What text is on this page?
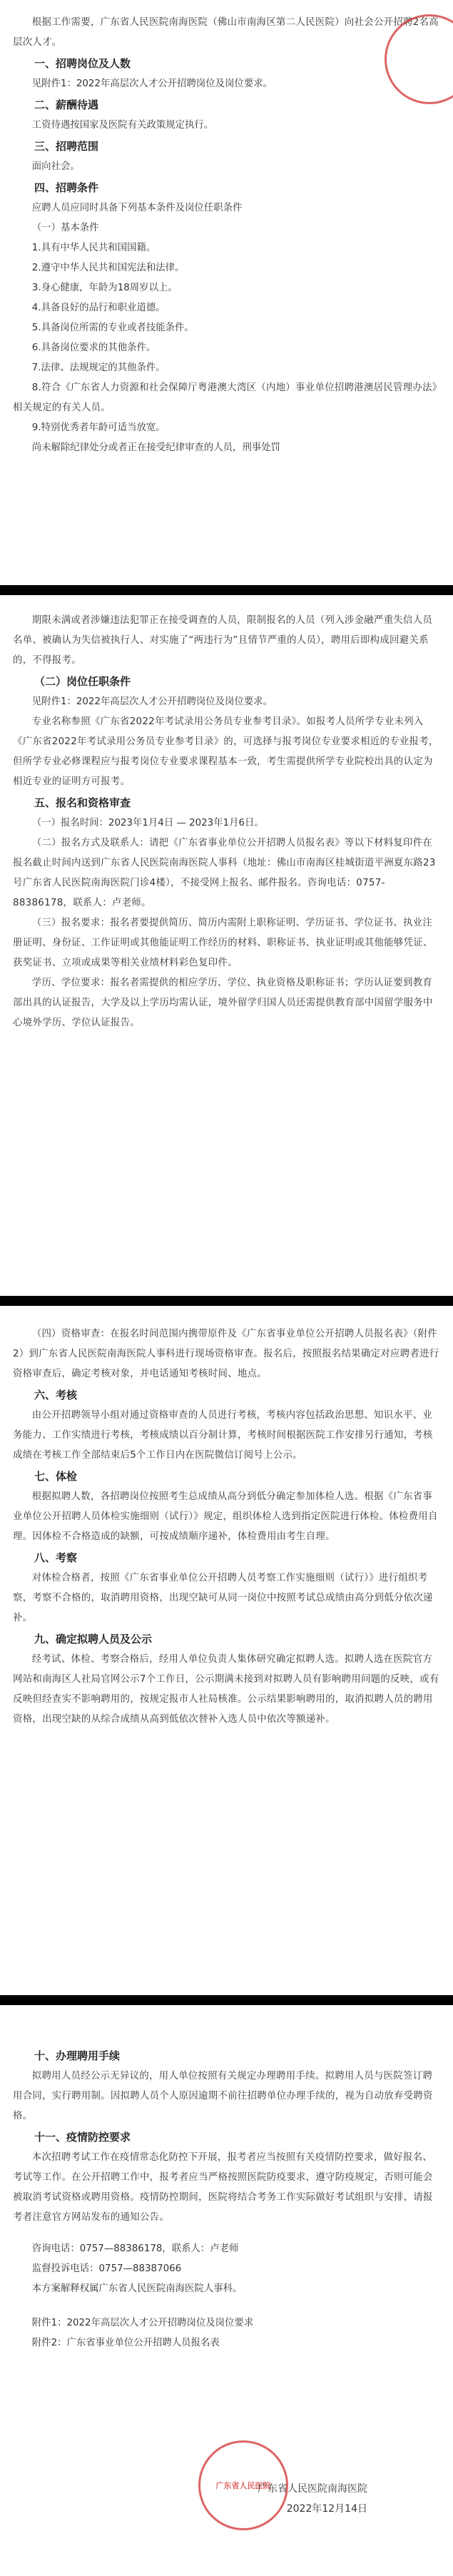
根据工作需要，广东省人民医院南海医院（佛山市南海区第二人民医院）向社会公开招聘2名高层次人才。

一、招聘岗位及人数

见附件1：2022年高层次人才公开招聘岗位及岗位要求。

二、薪酬待遇

工资待遇按国家及医院有关政策规定执行。

三、招聘范围

面向社会。

四、招聘条件

应聘人员应同时具备下列基本条件及岗位任职条件

（一）基本条件

1.具有中华人民共和国国籍。

2.遵守中华人民共和国宪法和法律。

3.身心健康，年龄为18周岁以上。

4.具备良好的品行和职业道德。

5.具备岗位所需的专业或者技能条件。

6.具备岗位要求的其他条件。

7.法律、法规规定的其他条件。

8.符合《广东省人力资源和社会保障厅粤港澳大湾区（内地）事业单位招聘港澳居民管理办法》相关规定的有关人员。

9.特别优秀者年龄可适当放宽。

尚未解除纪律处分或者正在接受纪律审查的人员，刑事处罚

期限未满或者涉嫌违法犯罪正在接受调查的人员，限制报名的人员（列入涉金融严重失信人员名单、被确认为失信被执行人、对实施了“两违行为”且情节严重的人员），聘用后即构成回避关系的，不得报考。

（二）岗位任职条件

见附件1：2022年高层次人才公开招聘岗位及岗位要求。

专业名称参照《广东省2022年考试录用公务员专业参考目录》。如报考人员所学专业未列入《广东省2022年考试录用公务员专业参考目录》的，可选择与报考岗位专业要求相近的专业报考，但所学专业必修课程应与报考岗位专业要求课程基本一致，考生需提供所学专业院校出具的认定为相近专业的证明方可报考。

五、报名和资格审查

（一）报名时间：2023年1月4日 — 2023年1月6日。

（二）报名方式及联系人：请把《广东省事业单位公开招聘人员报名表》等以下材料复印件在报名截止时间内送到广东省人民医院南海医院人事科（地址：佛山市南海区桂城街道平洲夏东路23号广东省人民医院南海医院门诊4楼），不接受网上报名、邮件报名。咨询电话：0757-88386178，联系人：卢老师。

（三）报名要求：报名者要提供简历、简历内需附上职称证明、学历证书、学位证书、执业注册证明、身份证、工作证明或其他能证明工作经历的材料、职称证书、执业证明或其他能够凭证、获奖证书、立项或成果等相关业绩材料彩色复印件。

学历、学位要求：报名者需提供的相应学历、学位、执业资格及职称证书；学历认证要到教育部出具的认证报告，大学及以上学历均需认证，境外留学归国人员还需提供教育部中国留学服务中心境外学历、学位认证报告。

（四）资格审查：在报名时间范围内携带原件及《广东省事业单位公开招聘人员报名表》（附件2）到广东省人民医院南海医院人事科进行现场资格审查。报名后，按照报名结果确定对应聘者进行资格审查后，确定考核对象，并电话通知考核时间、地点。

六、考核

由公开招聘领导小组对通过资格审查的人员进行考核，考核内容包括政治思想、知识水平、业务能力、工作实绩进行考核，考核成绩以百分制计算，考核时间根据医院工作安排另行通知，考核成绩在考核工作全部结束后5个工作日内在医院微信订阅号上公示。

七、体检

根据拟聘人数，各招聘岗位按照考生总成绩从高分到低分确定参加体检人选。根据《广东省事业单位公开招聘人员体检实施细则（试行）》规定，组织体检人选到指定医院进行体检。体检费用自理。因体检不合格造成的缺额，可按成绩顺序递补，体检费用由考生自理。

八、考察

对体检合格者，按照《广东省事业单位公开招聘人员考察工作实施细则（试行）》进行组织考察，考察不合格的，取消聘用资格，出现空缺可从同一岗位中按照考试总成绩由高分到低分依次递补。

九、确定拟聘人员及公示

经考试、体检、考察合格后，经用人单位负责人集体研究确定拟聘人选。拟聘人选在医院官方网站和南海区人社局官网公示7个工作日，公示期满未接到对拟聘人员有影响聘用问题的反映，或有反映但经查实不影响聘用的，按规定报市人社局核准。公示结果影响聘用的，取消拟聘人员的聘用资格，出现空缺的从综合成绩从高到低依次替补入选人员中依次等额递补。

十、办理聘用手续

拟聘用人员经公示无异议的，用人单位按照有关规定办理聘用手续。拟聘用人员与医院签订聘用合同，实行聘用制。因拟聘人员个人原因逾期不前往招聘单位办理手续的，视为自动放弃受聘资格。

十一、疫情防控要求

本次招聘考试工作在疫情常态化防控下开展，报考者应当按照有关疫情防控要求，做好报名、考试等工作。在公开招聘工作中，报考者应当严格按照医院防疫要求，遵守防疫规定，否则可能会被取消考试资格或聘用资格。疫情防控期间，医院将结合考务工作实际做好考试组织与安排，请报考者注意官方网站发布的通知公告。

咨询电话：0757—88386178，联系人：卢老师

监督投诉电话：0757—88387066

本方案解释权属广东省人民医院南海医院人事科。

附件1：2022年高层次人才公开招聘岗位及岗位要求

附件2：广东省事业单位公开招聘人员报名表

广东省人民医院
广东省人民医院南海医院
2022年12月14日
